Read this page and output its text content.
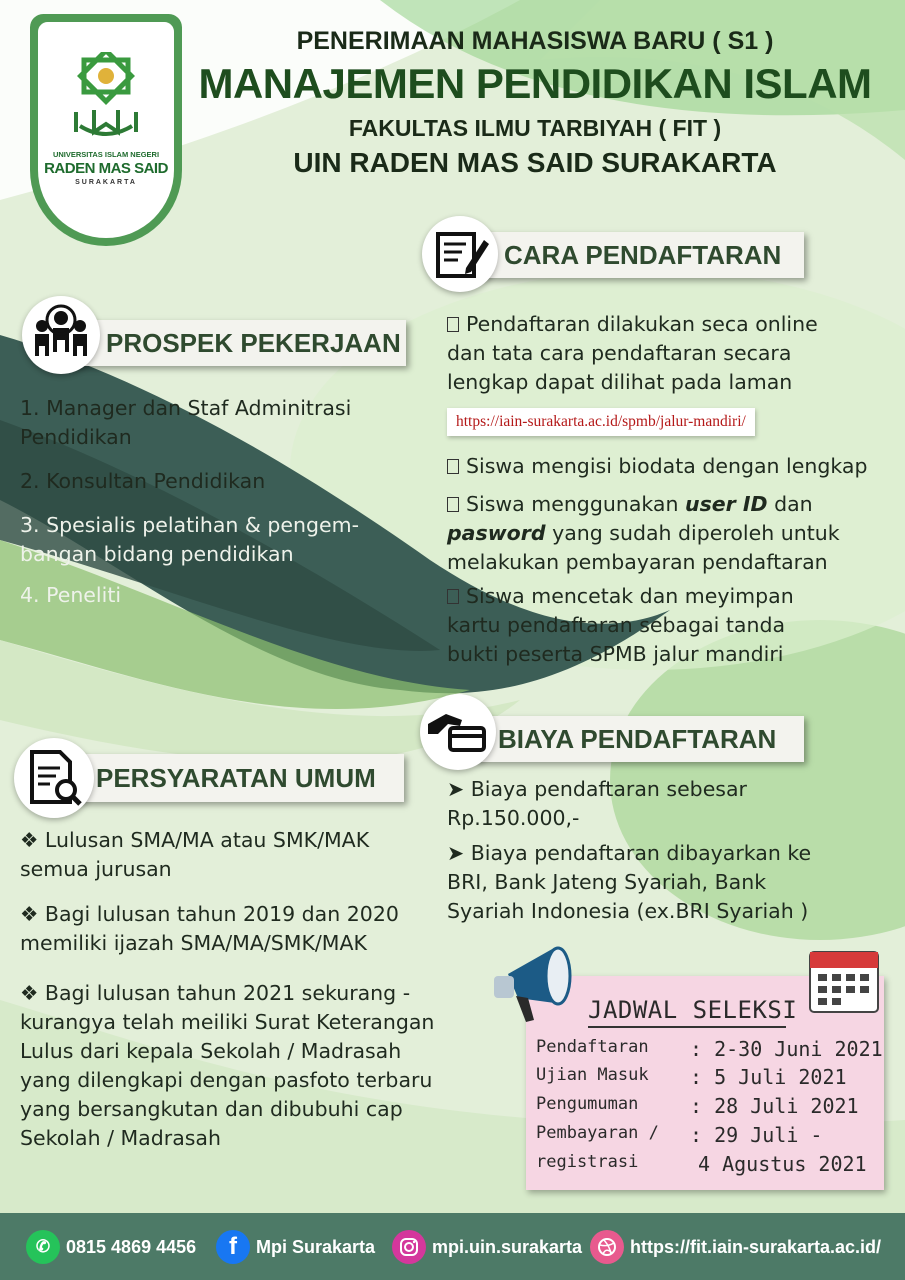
UNIVERSITAS ISLAM NEGERI
RADEN MAS SAID
SURAKARTA
PENERIMAAN MAHASISWA BARU ( S1 )
MANAJEMEN PENDIDIKAN ISLAM
FAKULTAS ILMU TARBIYAH ( FIT )
UIN RADEN MAS SAID SURAKARTA
CARA PENDAFTARAN
PROSPEK PEKERJAAN
1. Manager dan Staf Adminitrasi
Pendidikan
2. Konsultan Pendidikan
3. Spesialis pelatihan & pengem-
bangan bidang pendidikan
4. Peneliti
Pendaftaran dilakukan seca online
dan tata cara pendaftaran secara
lengkap dapat dilihat pada laman
https://iain-surakarta.ac.id/spmb/jalur-mandiri/
Siswa mengisi biodata dengan lengkap
Siswa menggunakan user ID dan
pasword yang sudah diperoleh untuk
melakukan pembayaran pendaftaran
Siswa mencetak dan meyimpan
kartu pendaftaran sebagai tanda
bukti peserta SPMB jalur mandiri
BIAYA PENDAFTARAN
➤ Biaya pendaftaran sebesar
Rp.150.000,-
➤ Biaya pendaftaran dibayarkan ke
BRI, Bank Jateng Syariah, Bank
Syariah Indonesia (ex.BRI Syariah )
PERSYARATAN UMUM
❖ Lulusan SMA/MA atau SMK/MAK
semua jurusan
❖ Bagi lulusan tahun 2019 dan 2020
memiliki ijazah SMA/MA/SMK/MAK
❖ Bagi lulusan tahun 2021 sekurang -
kurangya telah meiliki Surat Keterangan
Lulus dari kepala Sekolah / Madrasah
yang dilengkapi dengan pasfoto terbaru
yang bersangkutan dan dibubuhi cap
Sekolah / Madrasah
JADWAL SELEKSI
Pendaftaran : 2-30 Juni 2021
Ujian Masuk : 5 Juli 2021
Pengumuman	: 28 Juli 2021
Pembayaran / : 29 Juli -
registrasi	4 Agustus 2021
✆ 0815 4869 4456	f	Mpi Surakarta	mpi.uin.surakarta	https://fit.iain-surakarta.ac.id/
